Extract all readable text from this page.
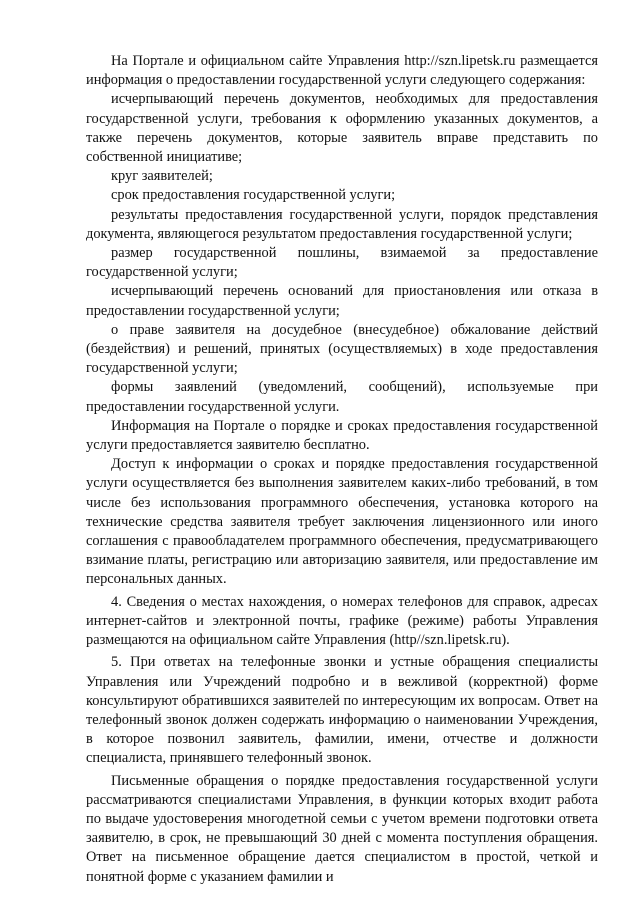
На Портале и официальном сайте Управления http://szn.lipetsk.ru размещается информация о предоставлении государственной услуги следующего содержания:

исчерпывающий перечень документов, необходимых для предоставления государственной услуги, требования к оформлению указанных документов, а также перечень документов, которые заявитель вправе представить по собственной инициативе;

круг заявителей;

срок предоставления государственной услуги;

результаты предоставления государственной услуги, порядок представления документа, являющегося результатом предоставления государственной услуги;

размер государственной пошлины, взимаемой за предоставление государственной услуги;

исчерпывающий перечень оснований для приостановления или отказа в предоставлении государственной услуги;

о праве заявителя на досудебное (внесудебное) обжалование действий (бездействия) и решений, принятых (осуществляемых) в ходе предоставления государственной услуги;

формы заявлений (уведомлений, сообщений), используемые при предоставлении государственной услуги.

Информация на Портале о порядке и сроках предоставления государственной услуги предоставляется заявителю бесплатно.

Доступ к информации о сроках и порядке предоставления государственной услуги осуществляется без выполнения заявителем каких-либо требований, в том числе без использования программного обеспечения, установка которого на технические средства заявителя требует заключения лицензионного или иного соглашения с правообладателем программного обеспечения, предусматривающего взимание платы, регистрацию или авторизацию заявителя, или предоставление им персональных данных.

4. Сведения о местах нахождения, о номерах телефонов для справок, адресах интернет-сайтов и электронной почты, графике (режиме) работы Управления размещаются на официальном сайте Управления (http//szn.lipetsk.ru).

5. При ответах на телефонные звонки и устные обращения специалисты Управления или Учреждений подробно и в вежливой (корректной) форме консультируют обратившихся заявителей по интересующим их вопросам. Ответ на телефонный звонок должен содержать информацию о наименовании Учреждения, в которое позвонил заявитель, фамилии, имени, отчестве и должности специалиста, принявшего телефонный звонок.

Письменные обращения о порядке предоставления государственной услуги рассматриваются специалистами Управления, в функции которых входит работа по выдаче удостоверения многодетной семьи с учетом времени подготовки ответа заявителю, в срок, не превышающий 30 дней с момента поступления обращения. Ответ на письменное обращение дается специалистом в простой, четкой и понятной форме с указанием фамилии и
